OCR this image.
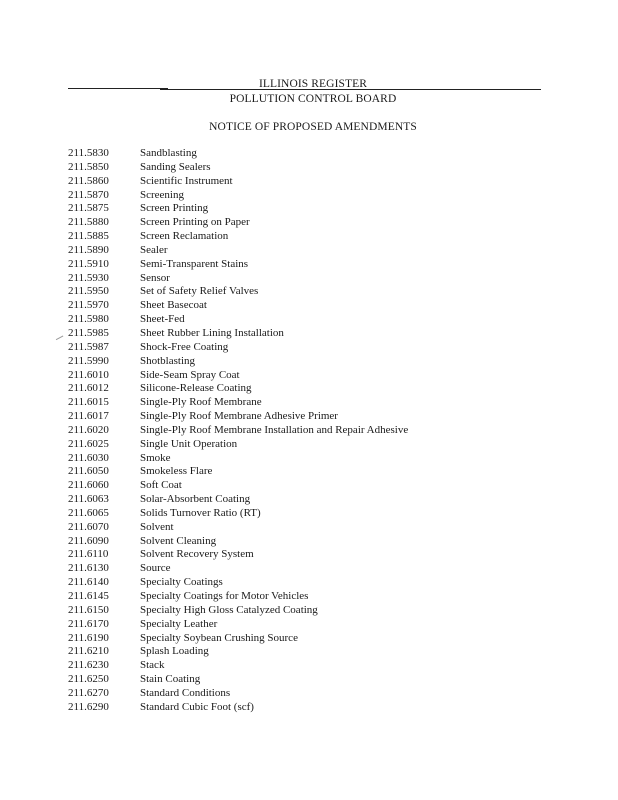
ILLINOIS REGISTER
POLLUTION CONTROL BOARD
NOTICE OF PROPOSED AMENDMENTS
211.5830	Sandblasting
211.5850	Sanding Sealers
211.5860	Scientific Instrument
211.5870	Screening
211.5875	Screen Printing
211.5880	Screen Printing on Paper
211.5885	Screen Reclamation
211.5890	Sealer
211.5910	Semi-Transparent Stains
211.5930	Sensor
211.5950	Set of Safety Relief Valves
211.5970	Sheet Basecoat
211.5980	Sheet-Fed
211.5985	Sheet Rubber Lining Installation
211.5987	Shock-Free Coating
211.5990	Shotblasting
211.6010	Side-Seam Spray Coat
211.6012	Silicone-Release Coating
211.6015	Single-Ply Roof Membrane
211.6017	Single-Ply Roof Membrane Adhesive Primer
211.6020	Single-Ply Roof Membrane Installation and Repair Adhesive
211.6025	Single Unit Operation
211.6030	Smoke
211.6050	Smokeless Flare
211.6060	Soft Coat
211.6063	Solar-Absorbent Coating
211.6065	Solids Turnover Ratio (RT)
211.6070	Solvent
211.6090	Solvent Cleaning
211.6110	Solvent Recovery System
211.6130	Source
211.6140	Specialty Coatings
211.6145	Specialty Coatings for Motor Vehicles
211.6150	Specialty High Gloss Catalyzed Coating
211.6170	Specialty Leather
211.6190	Specialty Soybean Crushing Source
211.6210	Splash Loading
211.6230	Stack
211.6250	Stain Coating
211.6270	Standard Conditions
211.6290	Standard Cubic Foot (scf)
